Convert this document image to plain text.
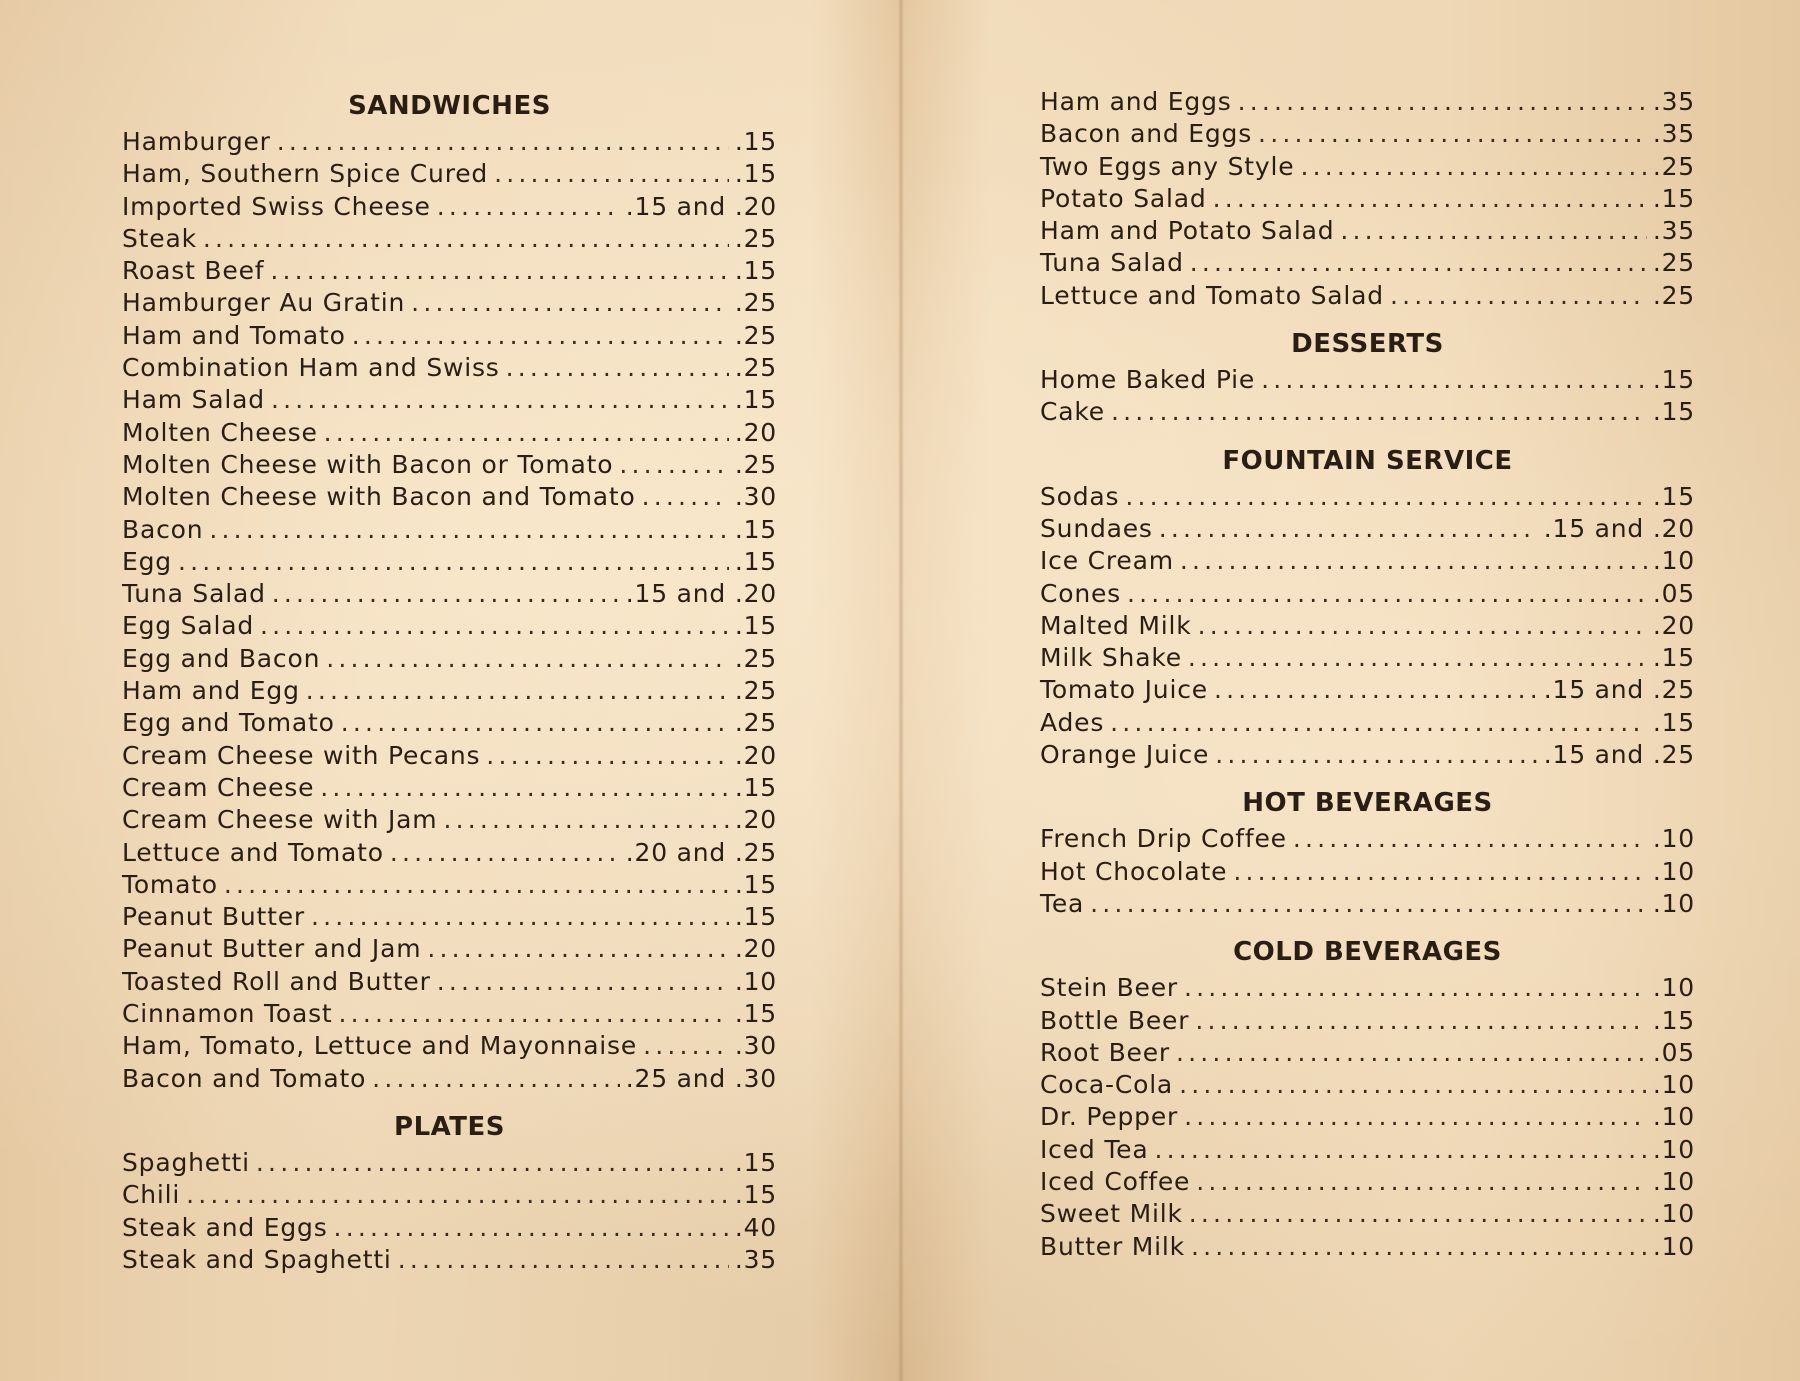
SANDWICHES
Hamburger .....	.15
Ham, Southern Spice Cured .....	.15
Imported Swiss Cheese .....	.15 and .20
Steak .....	.25
Roast Beef .....	.15
Hamburger Au Gratin .....	.25
Ham and Tomato .....	.25
Combination Ham and Swiss .....	.25
Ham Salad .....	.15
Molten Cheese .....	.20
Molten Cheese with Bacon or Tomato .....	.25
Molten Cheese with Bacon and Tomato .....	.30
Bacon .....	.15
Egg .....	.15
Tuna Salad .....	.15 and .20
Egg Salad .....	.15
Egg and Bacon .....	.25
Ham and Egg .....	.25
Egg and Tomato .....	.25
Cream Cheese with Pecans .....	.20
Cream Cheese .....	.15
Cream Cheese with Jam .....	.20
Lettuce and Tomato .....	.20 and .25
Tomato .....	.15
Peanut Butter .....	.15
Peanut Butter and Jam .....	.20
Toasted Roll and Butter .....	.10
Cinnamon Toast .....	.15
Ham, Tomato, Lettuce and Mayonnaise .....	.30
Bacon and Tomato .....	.25 and .30
PLATES
Spaghetti .....	.15
Chili .....	.15
Steak and Eggs .....	.40
Steak and Spaghetti .....	.35
Ham and Eggs .....	.35
Bacon and Eggs .....	.35
Two Eggs any Style .....	.25
Potato Salad .....	.15
Ham and Potato Salad .....	.35
Tuna Salad .....	.25
Lettuce and Tomato Salad .....	.25
DESSERTS
Home Baked Pie .....	.15
Cake .....	.15
FOUNTAIN SERVICE
Sodas .....	.15
Sundaes .....	.15 and .20
Ice Cream .....	.10
Cones .....	.05
Malted Milk .....	.20
Milk Shake .....	.15
Tomato Juice .....	.15 and .25
Ades .....	.15
Orange Juice .....	.15 and .25
HOT BEVERAGES
French Drip Coffee .....	.10
Hot Chocolate .....	.10
Tea .....	.10
COLD BEVERAGES
Stein Beer .....	.10
Bottle Beer .....	.15
Root Beer .....	.05
Coca-Cola .....	.10
Dr. Pepper .....	.10
Iced Tea .....	.10
Iced Coffee .....	.10
Sweet Milk .....	.10
Butter Milk .....	.10
